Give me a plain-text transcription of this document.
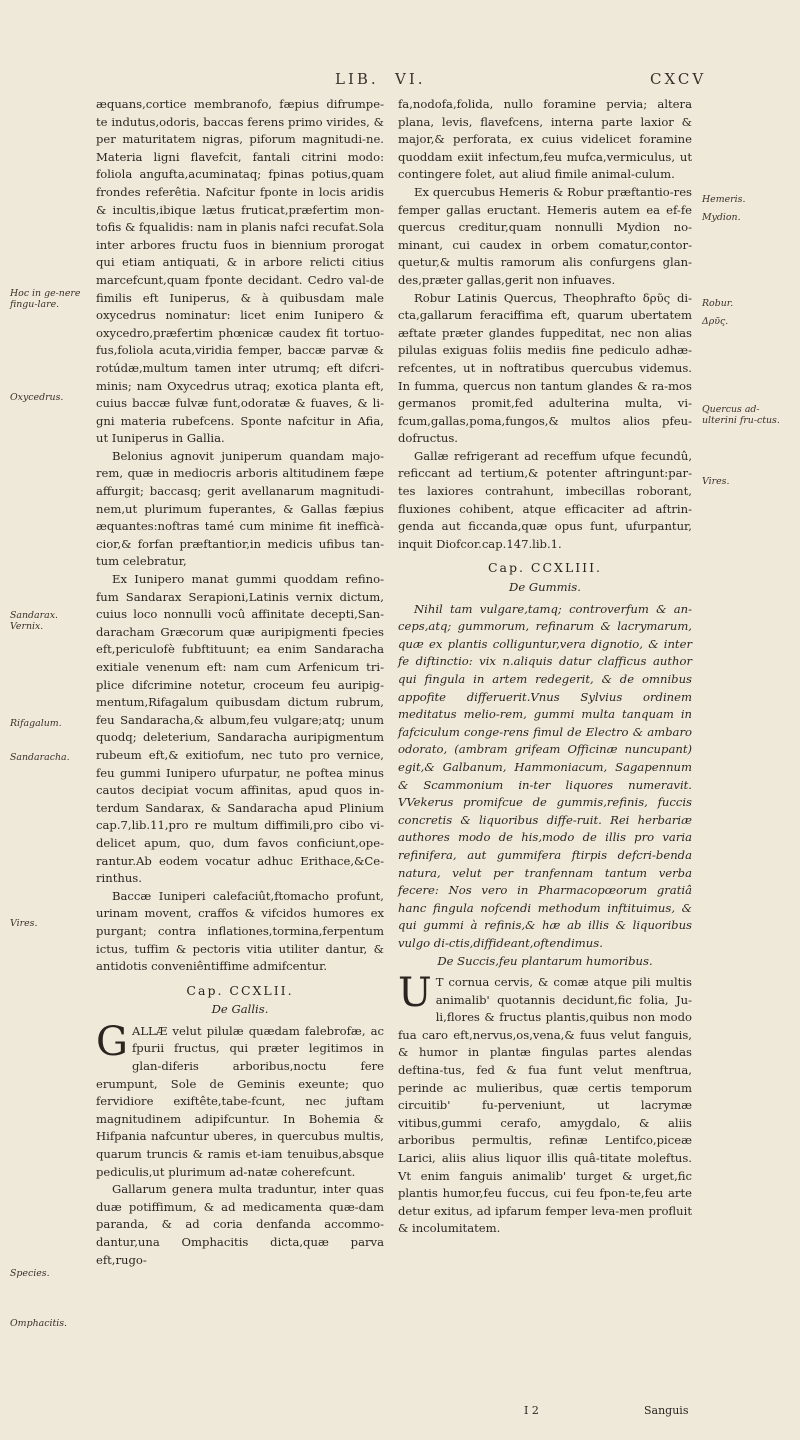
LIB. VI.	CXCV
Hoc in ge-nere fingu-lare.
Oxycedrus.
Sandarax. Vernix.
Rifagalum.
Sandaracha.
Vires.
Species.
Omphacitis.
Hemeris.
Mydion.
Robur.
Δρῦς.
Quercus ad-ulterini fru-ctus.
Vires.

æquans,cortice membranofo, fæpius difrumpe-te indutus,odoris, baccas ferens primo virides, & per maturitatem nigras, piforum magnitudi-ne. Materia ligni flavefcit, fantali citrini modo: foliola angufta,acuminataq; fpinas potius,quam frondes referêtia. Nafcitur fponte in locis aridis & incultis,ibique lætus fruticat,præfertim mon-tofis & fqualidis: nam in planis nafci recufat.Sola inter arbores fructu fuos in biennium prorogat qui etiam antiquati, & in arbore relicti citius marcefcunt,quam fponte decidant. Cedro val-de fimilis eft Iuniperus, & à quibusdam male oxycedrus nominatur: licet enim Iunipero & oxycedro,præfertim phœnicæ caudex fit tortuo-fus,foliola acuta,viridia femper, baccæ parvæ & rotúdæ,multum tamen inter utrumq; eft difcri-minis; nam Oxycedrus utraq; exotica planta eft, cuius baccæ fulvæ funt,odoratæ & fuaves, & li-gni materia rubefcens. Sponte nafcitur in Afia, ut Iuniperus in Gallia.

Belonius agnovit juniperum quandam majo-rem, quæ in mediocris arboris altitudinem fæpe affurgit; baccasq; gerit avellanarum magnitudi-nem,ut plurimum fuperantes, & Gallas fæpius æquantes:noftras tamé cum minime fit inefficà-cior,& forfan præftantior,in medicis ufibus tan-tum celebratur,

Ex Iunipero manat gummi quoddam refino-fum Sandarax Serapioni,Latinis vernix dictum, cuius loco nonnulli vocû affinitate decepti,San-daracham Græcorum quæ auripigmenti fpecies eft,periculofè fubftituunt; ea enim Sandaracha exitiale venenum eft: nam cum Arfenicum tri-plice difcrimine notetur, croceum feu auripig-mentum,Rifagalum quibusdam dictum rubrum, feu Sandaracha,& album,feu vulgare;atq; unum quodq; deleterium, Sandaracha auripigmentum rubeum eft,& exitiofum, nec tuto pro vernice, feu gummi Iunipero ufurpatur, ne poftea minus cautos decipiat vocum affinitas, apud quos in-terdum Sandarax, & Sandaracha apud Plinium cap.7,lib.11,pro re multum diffimili,pro cibo vi-delicet apum, quo, dum favos conficiunt,ope-rantur.Ab eodem vocatur adhuc Erithace,&Ce-rinthus.

Baccæ Iuniperi calefaciût,ftomacho profunt, urinam movent, craffos & vifcidos humores ex purgant; contra inflationes,tormina,ferpentum ictus, tuffim & pectoris vitia utiliter dantur, & antidotis conveniêntiffime admifcentur.

Cap. CCXLII.
De Gallis.

GALLÆ velut pilulæ quædam falebrofæ, ac fpurii fructus, qui præter legitimos in glan-diferis arboribus,noctu fere erumpunt, Sole de Geminis exeunte; quo fervidiore exiftête,tabe-fcunt, nec juftam magnitudinem adipifcuntur. In Bohemia & Hifpania nafcuntur uberes, in quercubus multis, quarum truncis & ramis et-iam tenuibus,absque pediculis,ut plurimum ad-natæ coherefcunt.

Gallarum genera multa traduntur, inter quas duæ potiffimum, & ad medicamenta quæ-dam paranda, & ad coria denfanda accommo-dantur,una Omphacitis dicta,quæ parva eft,rugo-

fa,nodofa,folida, nullo foramine pervia; altera plana, levis, flavefcens, interna parte laxior & major,& perforata, ex cuius videlicet foramine quoddam exiit infectum,feu mufca,vermiculus, ut contingere folet, aut aliud fimile animal-culum.

Ex quercubus Hemeris & Robur præftantio-res femper gallas eructant. Hemeris autem ea ef-fe quercus creditur,quam nonnulli Mydion no-minant, cui caudex in orbem comatur,contor-quetur,& multis ramorum alis confurgens glan-des,præter gallas,gerit non infuaves.

Robur Latinis Quercus, Theophrafto δρῦς di-cta,gallarum feraciffima eft, quarum ubertatem æftate præter glandes fuppeditat, nec non alias pilulas exiguas foliis mediis fine pediculo adhæ-refcentes, ut in noftratibus quercubus videmus. In fumma, quercus non tantum glandes & ra-mos germanos promit,fed adulterina multa, vi-fcum,gallas,poma,fungos,& multos alios pfeu-dofructus.

Gallæ refrigerant ad receffum ufque fecundû, reficcant ad tertium,& potenter aftringunt:par-tes laxiores contrahunt, imbecillas roborant, fluxiones cohibent, atque efficaciter ad aftrin-genda aut ficcanda,quæ opus funt, ufurpantur, inquit Diofcor.cap.147.lib.1.

Cap. CCXLIII.
De Gummis.

Nihil tam vulgare,tamq; controverfum & an-ceps,atq; gummorum, refinarum & lacrymarum, quæ ex plantis colliguntur,vera dignotio, & inter fe diftinctio: vix n.aliquis datur clafficus author qui fingula in artem redegerit, & de omnibus appofite differuerit.Vnus Sylvius ordinem meditatus melio-rem, gummi multa tanquam in fafciculum conge-rens fimul de Electro & ambaro odorato, (ambram grifeam Officinæ nuncupant) egit,& Galbanum, Hammoniacum, Sagapennum & Scammonium in-ter liquores numeravit. VVekerus promifcue de gummis,refinis, fuccis concretis & liquoribus diffe-ruit. Rei herbariæ authores modo de his,modo de illis pro varia refinifera, aut gummifera ftirpis defcri-benda natura, velut per tranfennam tantum verba fecere: Nos vero in Pharmacopœorum gratiâ hanc fingula nofcendi methodum inftituimus, & qui gummi à refinis,& hæ ab illis & liquoribus vulgo di-ctis,diffideant,oftendimus.

De Succis,feu plantarum humoribus.

U T cornua cervis, & comæ atque pili multis animalib' quotannis decidunt,fic folia, Ju-li,flores & fructus plantis,quibus non modo fua caro eft,nervus,os,vena,& fuus velut fanguis, & humor in plantæ fingulas partes alendas deftina-tus, fed & fua funt velut menftrua, perinde ac mulieribus, quæ certis temporum circuitib' fu-perveniunt, ut lacrymæ vitibus,gummi cerafo, amygdalo, & aliis arboribus permultis, refinæ Lentifco,piceæ Larici, aliis alius liquor illis quâ-titate moleftus. Vt enim fanguis animalib' turget & urget,fic plantis humor,feu fuccus, cui feu fpon-te,feu arte detur exitus, ad ipfarum femper leva-men profluit & incolumitatem.

I 2	Sanguis
